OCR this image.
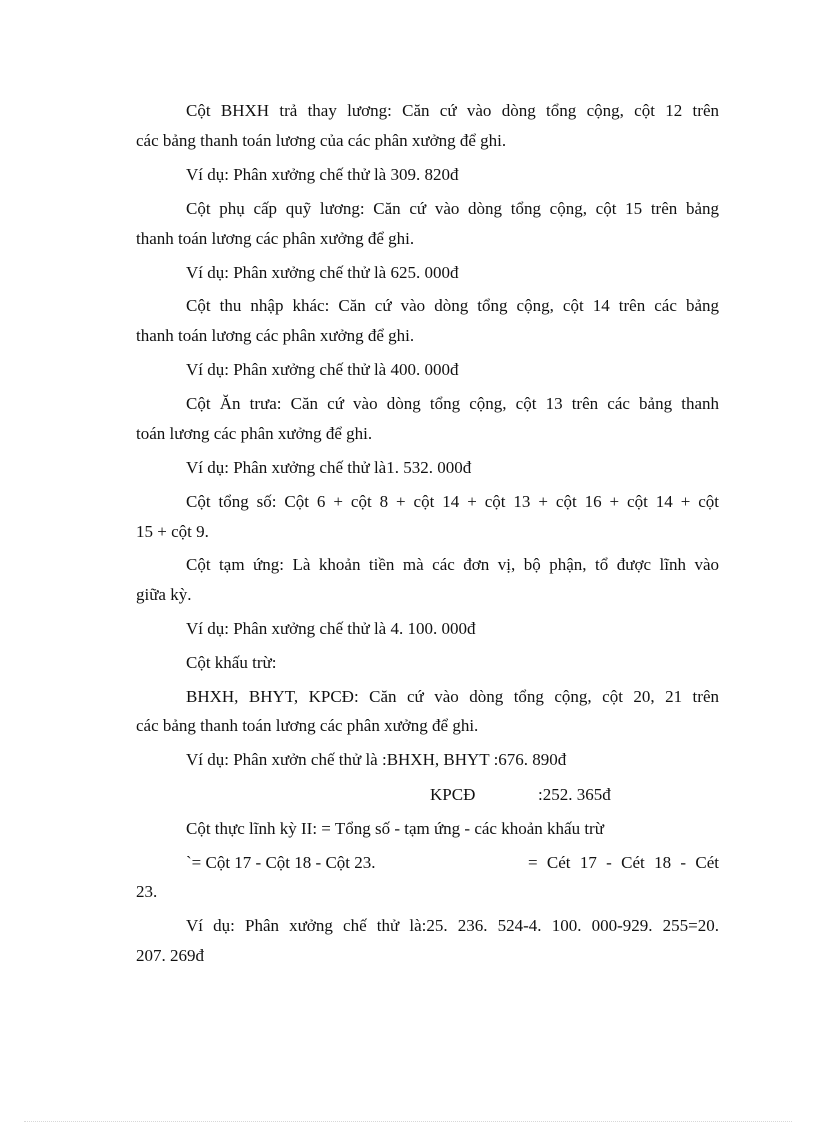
Cột BHXH trả thay lương: Căn cứ vào dòng tổng cộng, cột 12 trên
các bảng thanh toán lương của các phân xưởng để ghi.
Ví dụ: Phân xưởng chế thử là 309. 820đ
Cột phụ cấp quỹ lương: Căn cứ vào dòng tổng cộng, cột 15 trên bảng
thanh toán lương các phân xưởng để ghi.
Ví dụ: Phân xưởng chế thử là 625. 000đ
Cột thu nhập khác: Căn cứ vào dòng tổng cộng, cột 14 trên các bảng
thanh toán lương các phân xưởng để ghi.
Ví dụ: Phân xưởng chế thử là 400. 000đ
Cột Ăn trưa: Căn cứ vào dòng tổng cộng, cột 13 trên các bảng thanh
toán lương các phân xưởng để ghi.
Ví dụ: Phân xưởng chế thử là1. 532. 000đ
Cột tổng số: Cột 6 + cột 8 + cột 14 + cột 13 + cột 16 + cột 14 + cột
15 + cột 9.
Cột tạm ứng: Là khoản tiền mà các đơn vị, bộ phận, tổ được lĩnh vào
giữa kỳ.
Ví dụ: Phân xưởng chế thử là 4. 100. 000đ
Cột khấu trừ:
BHXH, BHYT, KPCĐ: Căn cứ vào dòng tổng cộng, cột 20, 21 trên
các bảng thanh toán lương các phân xưởng để ghi.
Ví dụ: Phân xưởn chế thử là :BHXH, BHYT :676. 890đ
KPCĐ	:252. 365đ
Cột thực lĩnh kỳ II: = Tổng số - tạm ứng - các khoản khấu trừ
`= Cột 17 - Cột 18 - Cột 23.	= Cét 17 - Cét 18 - Cét
23.
Ví dụ: Phân xưởng chế thử là:25. 236. 524-4. 100. 000-929. 255=20.
207. 269đ
